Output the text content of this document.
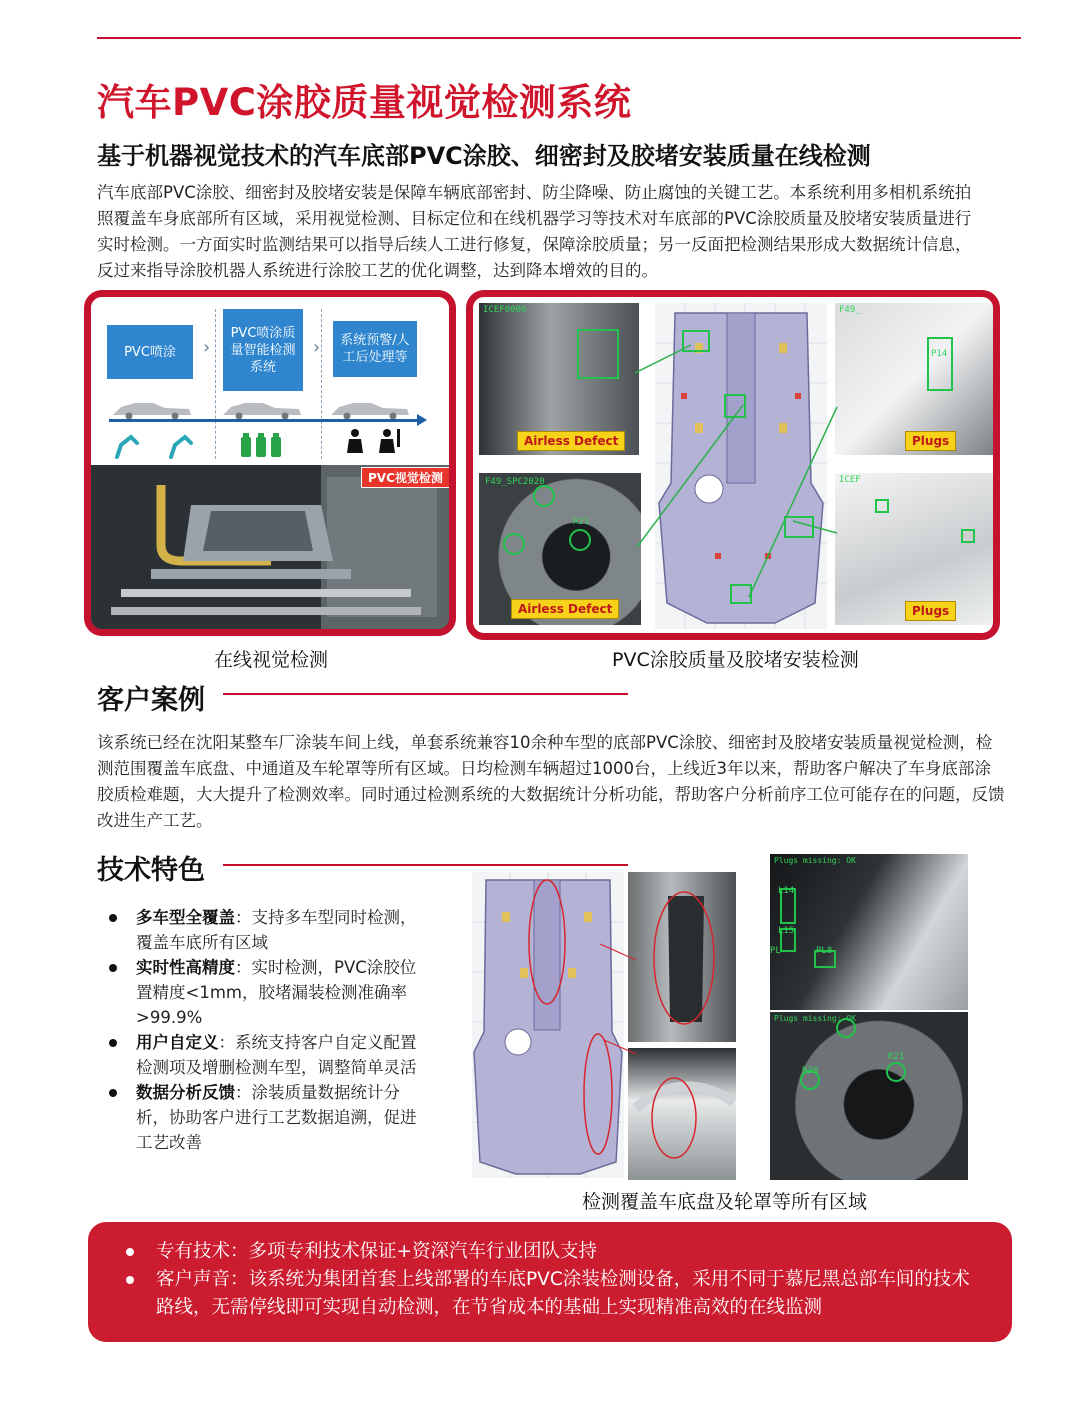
汽车PVC涂胶质量视觉检测系统
基于机器视觉技术的汽车底部PVC涂胶、细密封及胶堵安装质量在线检测

汽车底部PVC涂胶、细密封及胶堵安装是保障车辆底部密封、防尘降噪、防止腐蚀的关键工艺。本系统利用多相机系统拍照覆盖车身底部所有区域，采用视觉检测、目标定位和在线机器学习等技术对车底部的PVC涂胶质量及胶堵安装质量进行实时检测。一方面实时监测结果可以指导后续人工进行修复，保障涂胶质量；另一反面把检测结果形成大数据统计信息，反过来指导涂胶机器人系统进行涂胶工艺的优化调整，达到降本增效的目的。

PVC喷涂	›
PVC喷涂质量智能检测系统
›	系统预警/人工后处理等
PVC视觉检测
在线视觉检测
ICEF0000
Airless Defect
F49_SPC2020
R21
Airless Defect
F49_
P14
Plugs
ICEF
Plugs
PVC涂胶质量及胶堵安装检测
客户案例

该系统已经在沈阳某整车厂涂装车间上线，单套系统兼容10余种车型的底部PVC涂胶、细密封及胶堵安装质量视觉检测，检测范围覆盖车底盘、中通道及车轮罩等所有区域。日均检测车辆超过1000台，上线近3年以来，帮助客户解决了车身底部涂胶质检难题，大大提升了检测效率。同时通过检测系统的大数据统计分析功能，帮助客户分析前序工位可能存在的问题，反馈改进生产工艺。

技术特色
多车型全覆盖：支持多车型同时检测，覆盖车底所有区域
实时性高精度：实时检测，PVC涂胶位置精度<1mm，胶堵漏装检测准确率>99.9%
用户自定义：系统支持客户自定义配置检测项及增删检测车型，调整简单灵活
数据分析反馈：涂装质量数据统计分析，协助客户进行工艺数据追溯，促进工艺改善
Plugs missing: OK
L14
L15
PL	PL8
Plugs missing: OK
R20
R21
检测覆盖车底盘及轮罩等所有区域
专有技术：多项专利技术保证+资深汽车行业团队支持
客户声音：该系统为集团首套上线部署的车底PVC涂装检测设备，采用不同于慕尼黑总部车间的技术路线，无需停线即可实现自动检测，在节省成本的基础上实现精准高效的在线监测
